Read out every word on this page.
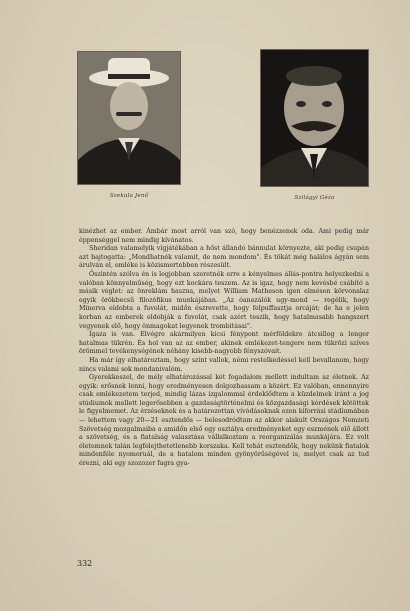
Szekula Jenő	Szilágyi Géza

kinézhet az ember. Ámbár most arról van szó, hogy benézzenek oda. Ami pedig már éppenséggel nem mindig kívánatos.

Sheridan valamelyik vígjátékában a hőst állandó bánnulat környezte, aki pedig csupán azt hajtogatta: „Mondhatnék valamit, de nem mondom". És tökát még halálos ágyán sem árulván el, emléke is közismertebben részesült.

Őszintén szólva én is legjobban szeretnék erre a kényelmes állás-pontra helyezkedni a valóban könnyelműség, hogy ezt kockára teszem. Az is igaz, hogy nem kevésbé csábító a másik véglet: az önreklám haszna, melyet William Matheson igen elmésen körvonalaz egyik örökbecsű filozófikus munkájában. „Az óanezálók ugy-mond — regélik, hogy Minerva eldobta a fuvolát, midőn észrevette, hogy felpuffasztja orcáját; de ha e jelen korban az emberek eldobják a fuvolát, csak azért teszik, hogy hatalmasabb hangszert vegyenek elő, hogy önmagokat legyenek trombitásai".

Igaza is van. Elvégre akármilyen kicsi fénypont mérföldekre átcsillog a lenger hatalmas tükrén. És hol van az az ember, akinek emlékezet-tengere nem tükrözi szíves örömmel tevékenységének néhány kisebb-nagyobb fényszóvait.

Ha már így elhatároztam, hogy színt vallok, némi restelkedéssel kell bevallanom, hogy nincs valami sok mondanivalóm.

Gyerekkeszel, de mély elhatározással két fogadalom mellett indultam az életnek. Az egyik: erősnek lenni, hogy eredményesen dolgozhassam a közért. Ez valóban, ennennyire csak emlékezetem terjed, mindig lázas izgalommal érdeklődtem a küzdelmek iránt a jog stúdiumok mellett legerősebben a gazdaságtörténelmi és közgazdasági kérdések kötöttek le figyelmemet. Az érzéseknek és a határozottan vívódásoknak ezen kiforrási stádiumában — lehettem vagy 20—21 esztendős — belesodródtam az akkor alakult Országos Nemzeti Szövetség mozgalmaiba a amidőn első egy osztálya eredményeket egy eszmének elő állott a szövetség, és a fiatalság valasztása vállalkoztam a reorganizálás munkájára. Ez volt életemnek talán legfelejthetetlenebb korszaka. Kell tehát esztendők, hogy nekünk fiatalok mindenféle nyomoruál, de a hatalom minden gyönyörűségével is, melyet csak az tud érezni, aki egy szozozer fagra gya-

332
